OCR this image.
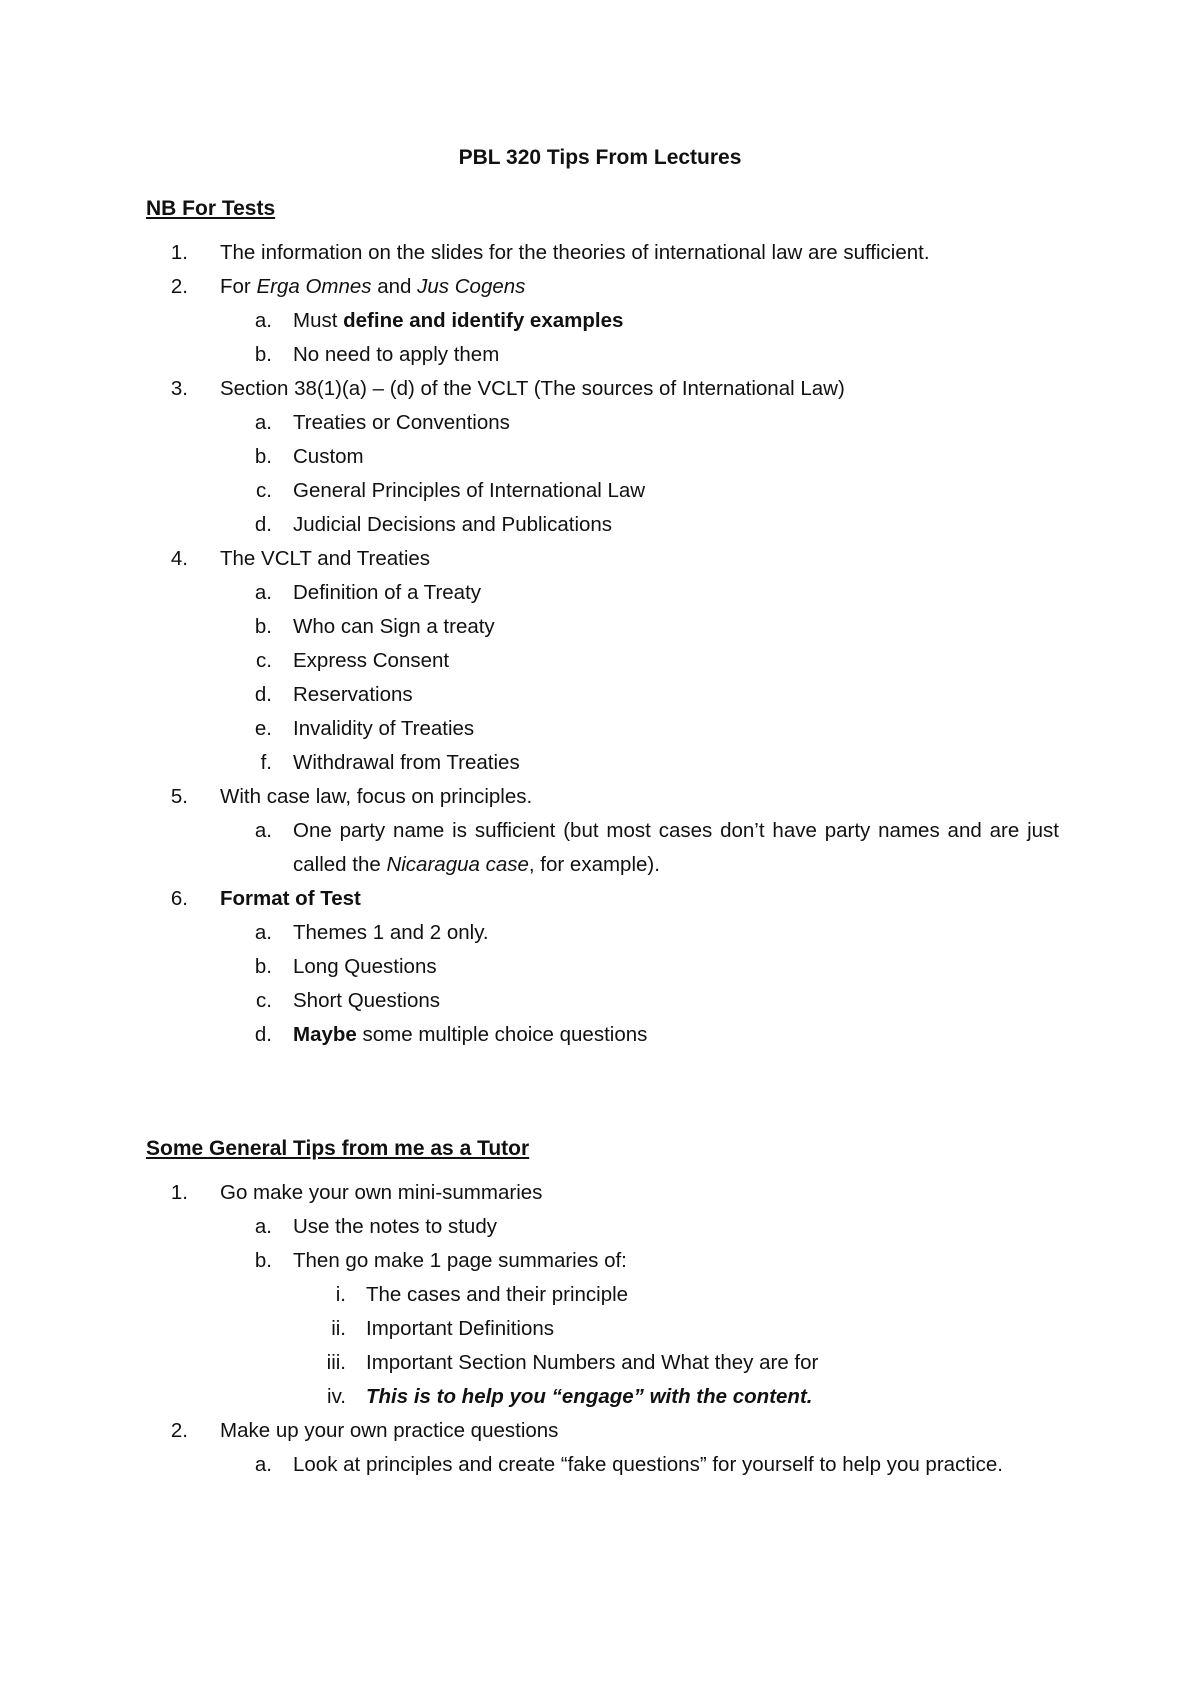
PBL 320 Tips From Lectures
NB For Tests
1. The information on the slides for the theories of international law are sufficient.
2. For Erga Omnes and Jus Cogens
a. Must define and identify examples
b. No need to apply them
3. Section 38(1)(a) – (d) of the VCLT (The sources of International Law)
a. Treaties or Conventions
b. Custom
c. General Principles of International Law
d. Judicial Decisions and Publications
4. The VCLT and Treaties
a. Definition of a Treaty
b. Who can Sign a treaty
c. Express Consent
d. Reservations
e. Invalidity of Treaties
f. Withdrawal from Treaties
5. With case law, focus on principles.
a. One party name is sufficient (but most cases don’t have party names and are just called the Nicaragua case, for example).
6. Format of Test
a. Themes 1 and 2 only.
b. Long Questions
c. Short Questions
d. Maybe some multiple choice questions
Some General Tips from me as a Tutor
1. Go make your own mini-summaries
a. Use the notes to study
b. Then go make 1 page summaries of:
i. The cases and their principle
ii. Important Definitions
iii. Important Section Numbers and What they are for
iv. This is to help you “engage” with the content.
2. Make up your own practice questions
a. Look at principles and create “fake questions” for yourself to help you practice.
